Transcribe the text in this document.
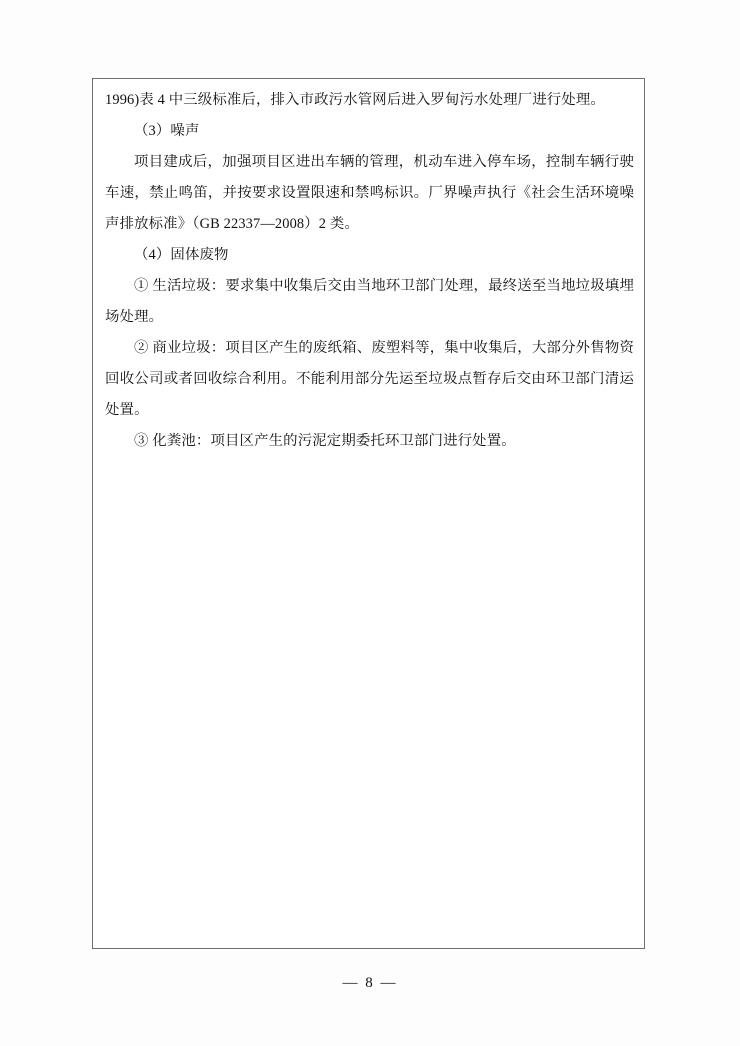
1996)表 4 中三级标准后，排入市政污水管网后进入罗甸污水处理厂进行处理。

（3）噪声

项目建成后，加强项目区进出车辆的管理，机动车进入停车场，控制车辆行驶车速，禁止鸣笛，并按要求设置限速和禁鸣标识。厂界噪声执行《社会生活环境噪声排放标准》（GB 22337—2008）2 类。

（4）固体废物

① 生活垃圾：要求集中收集后交由当地环卫部门处理，最终送至当地垃圾填埋场处理。

② 商业垃圾：项目区产生的废纸箱、废塑料等，集中收集后，大部分外售物资回收公司或者回收综合利用。不能利用部分先运至垃圾点暂存后交由环卫部门清运处置。

③ 化粪池：项目区产生的污泥定期委托环卫部门进行处置。

— 8 —
